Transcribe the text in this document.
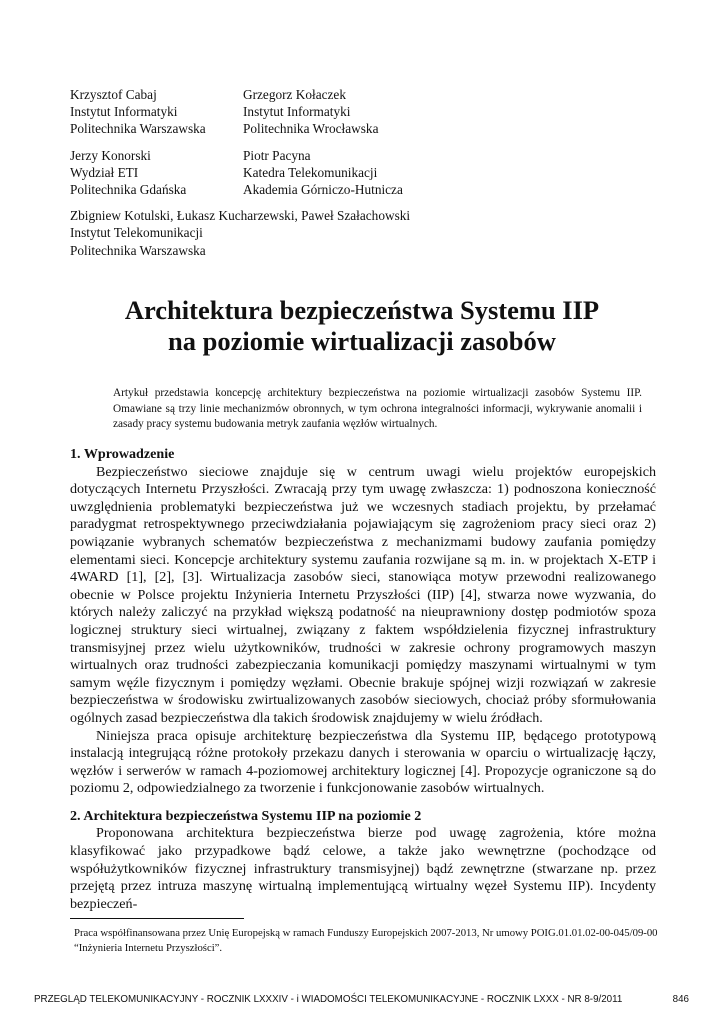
Krzysztof Cabaj
Instytut Informatyki
Politechnika Warszawska
Grzegorz Kołaczek
Instytut Informatyki
Politechnika Wrocławska
Jerzy Konorski
Wydział ETI
Politechnika Gdańska
Piotr Pacyna
Katedra Telekomunikacji
Akademia Górniczo-Hutnicza
Zbigniew Kotulski, Łukasz Kucharzewski, Paweł Szałachowski
Instytut Telekomunikacji
Politechnika Warszawska
Architektura bezpieczeństwa Systemu IIP
na poziomie wirtualizacji zasobów
Artykuł przedstawia koncepcję architektury bezpieczeństwa na poziomie wirtualizacji zasobów Systemu IIP. Omawiane są trzy linie mechanizmów obronnych, w tym ochrona integralności informacji, wykrywanie anomalii i zasady pracy systemu budowania metryk zaufania węzłów wirtualnych.
1. Wprowadzenie

Bezpieczeństwo sieciowe znajduje się w centrum uwagi wielu projektów europejskich dotyczących Internetu Przyszłości. Zwracają przy tym uwagę zwłaszcza: 1) podnoszona konieczność uwzględnienia problematyki bezpieczeństwa już we wczesnych stadiach projektu, by przełamać paradygmat retrospektywnego przeciwdziałania pojawiającym się zagrożeniom pracy sieci oraz 2) powiązanie wybranych schematów bezpieczeństwa z mechanizmami budowy zaufania pomiędzy elementami sieci. Koncepcje architektury systemu zaufania rozwijane są m. in. w projektach X-ETP i 4WARD [1], [2], [3]. Wirtualizacja zasobów sieci, stanowiąca motyw przewodni realizowanego obecnie w Polsce projektu Inżynieria Internetu Przyszłości (IIP) [4], stwarza nowe wyzwania, do których należy zaliczyć na przykład większą podatność na nieuprawniony dostęp podmiotów spoza logicznej struktury sieci wirtualnej, związany z faktem współdzielenia fizycznej infrastruktury transmisyjnej przez wielu użytkowników, trudności w zakresie ochrony programowych maszyn wirtualnych oraz trudności zabezpieczania komunikacji pomiędzy maszynami wirtualnymi w tym samym węźle fizycznym i pomiędzy węzłami. Obecnie brakuje spójnej wizji rozwiązań w zakresie bezpieczeństwa w środowisku zwirtualizowanych zasobów sieciowych, chociaż próby sformułowania ogólnych zasad bezpieczeństwa dla takich środowisk znajdujemy w wielu źródłach.

Niniejsza praca opisuje architekturę bezpieczeństwa dla Systemu IIP, będącego prototypową instalacją integrującą różne protokoły przekazu danych i sterowania w oparciu o wirtualizację łączy, węzłów i serwerów w ramach 4-poziomowej architektury logicznej [4]. Propozycje ograniczone są do poziomu 2, odpowiedzialnego za tworzenie i funkcjonowanie zasobów wirtualnych.

2. Architektura bezpieczeństwa Systemu IIP na poziomie 2

Proponowana architektura bezpieczeństwa bierze pod uwagę zagrożenia, które można klasyfikować jako przypadkowe bądź celowe, a także jako wewnętrzne (pochodzące od współużytkowników fizycznej infrastruktury transmisyjnej) bądź zewnętrzne (stwarzane np. przez przejętą przez intruza maszynę wirtualną implementującą wirtualny węzeł Systemu IIP). Incydenty bezpieczeń-

Praca współfinansowana przez Unię Europejską w ramach Funduszy Europejskich 2007-2013, Nr umowy POIG.01.01.02-00-045/09-00 “Inżynieria Internetu Przyszłości”.
PRZEGLĄD TELEKOMUNIKACYJNY - ROCZNIK LXXXIV - i WIADOMOŚCI TELEKOMUNIKACYJNE - ROCZNIK LXXX - NR 8-9/2011	846
